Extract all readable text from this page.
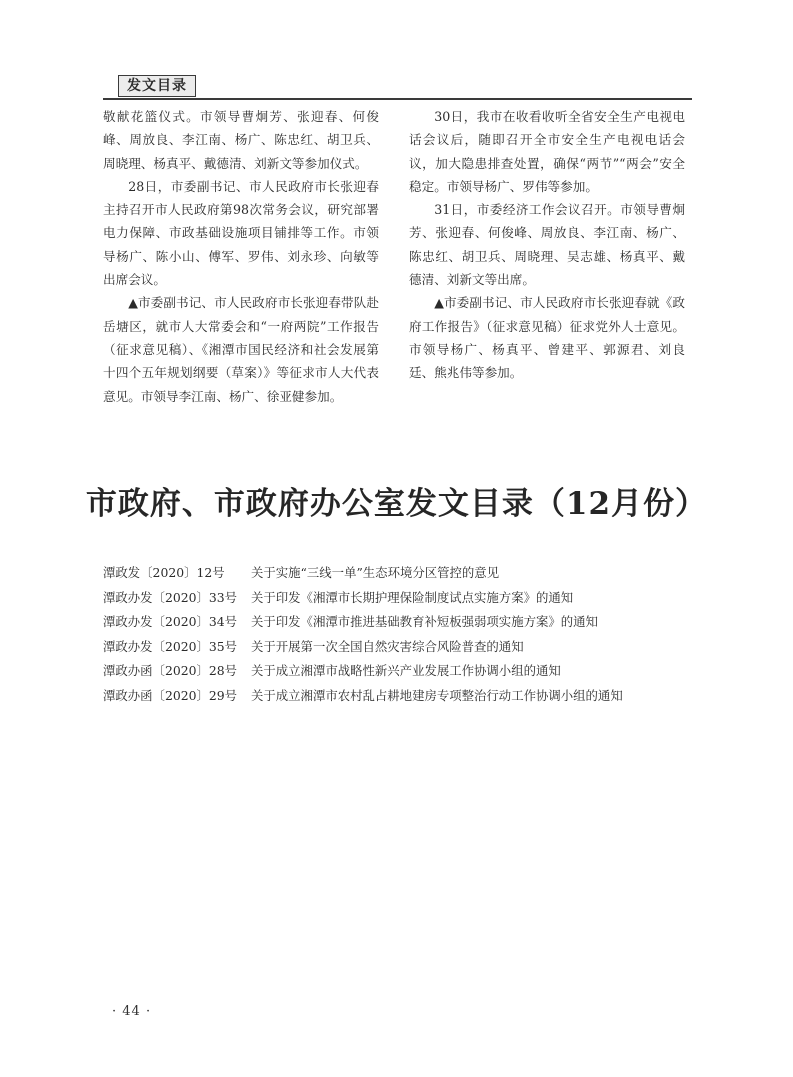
发文目录

敬献花篮仪式。市领导曹炯芳、张迎春、何俊峰、周放良、李江南、杨广、陈忠红、胡卫兵、周晓理、杨真平、戴德清、刘新文等参加仪式。

28日，市委副书记、市人民政府市长张迎春主持召开市人民政府第98次常务会议，研究部署电力保障、市政基础设施项目铺排等工作。市领导杨广、陈小山、傅军、罗伟、刘永珍、向敏等出席会议。

▲市委副书记、市人民政府市长张迎春带队赴岳塘区，就市人大常委会和“一府两院”工作报告（征求意见稿）、《湘潭市国民经济和社会发展第十四个五年规划纲要（草案）》等征求市人大代表意见。市领导李江南、杨广、徐亚健参加。

30日，我市在收看收听全省安全生产电视电话会议后，随即召开全市安全生产电视电话会议，加大隐患排查处置，确保“两节”“两会”安全稳定。市领导杨广、罗伟等参加。

31日，市委经济工作会议召开。市领导曹炯芳、张迎春、何俊峰、周放良、李江南、杨广、陈忠红、胡卫兵、周晓理、吴志雄、杨真平、戴德清、刘新文等出席。

▲市委副书记、市人民政府市长张迎春就《政府工作报告》（征求意见稿）征求党外人士意见。市领导杨广、杨真平、曾建平、郭源君、刘良廷、熊兆伟等参加。

市政府、市政府办公室发文目录（12月份）
潭政发〔2020〕12号	关于实施“三线一单”生态环境分区管控的意见
潭政办发〔2020〕33号	关于印发《湘潭市长期护理保险制度试点实施方案》的通知
潭政办发〔2020〕34号	关于印发《湘潭市推进基础教育补短板强弱项实施方案》的通知
潭政办发〔2020〕35号	关于开展第一次全国自然灾害综合风险普查的通知
潭政办函〔2020〕28号	关于成立湘潭市战略性新兴产业发展工作协调小组的通知
潭政办函〔2020〕29号	关于成立湘潭市农村乱占耕地建房专项整治行动工作协调小组的通知
· 44 ·
